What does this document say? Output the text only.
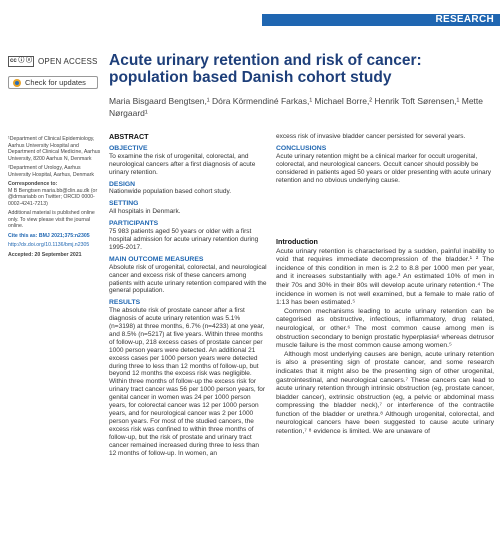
RESEARCH
cc ⓘ ⓢ OPEN ACCESS
Check for updates
Acute urinary retention and risk of cancer: population based Danish cohort study
Maria Bisgaard Bengtsen,¹ Dóra Körmendiné Farkas,¹ Michael Borre,² Henrik Toft Sørensen,¹ Mette Nørgaard¹

¹Department of Clinical Epidemiology, Aarhus University Hospital and Department of Clinical Medicine, Aarhus University, 8200 Aarhus N, Denmark

²Department of Urology, Aarhus University Hospital, Aarhus, Denmark

Correspondence to:

M B Bengtsen maria.bb@clin.au.dk (or @drmariabb on Twitter; ORCID 0000-0002-4241-7213)

Additional material is published online only. To view please visit the journal online.

Cite this as: BMJ 2021;375:n2305

http://dx.doi.org/10.1136/bmj.n2305

Accepted: 20 September 2021

ABSTRACT
OBJECTIVE

To examine the risk of urogenital, colorectal, and neurological cancers after a first diagnosis of acute urinary retention.

DESIGN

Nationwide population based cohort study.

SETTING

All hospitals in Denmark.

PARTICIPANTS

75 983 patients aged 50 years or older with a first hospital admission for acute urinary retention during 1995-2017.

MAIN OUTCOME MEASURES

Absolute risk of urogenital, colorectal, and neurological cancer and excess risk of these cancers among patients with acute urinary retention compared with the general population.

RESULTS

The absolute risk of prostate cancer after a first diagnosis of acute urinary retention was 5.1% (n=3198) at three months, 6.7% (n=4233) at one year, and 8.5% (n=5217) at five years. Within three months of follow-up, 218 excess cases of prostate cancer per 1000 person years were detected. An additional 21 excess cases per 1000 person years were detected during three to less than 12 months of follow-up, but beyond 12 months the excess risk was negligible. Within three months of follow-up the excess risk for urinary tract cancer was 56 per 1000 person years, for genital cancer in women was 24 per 1000 person years, for colorectal cancer was 12 per 1000 person years, and for neurological cancer was 2 per 1000 person years. For most of the studied cancers, the excess risk was confined to within three months of follow-up, but the risk of prostate and urinary tract cancer remained increased during three to less than 12 months of follow-up. In women, an

excess risk of invasive bladder cancer persisted for several years.

CONCLUSIONS

Acute urinary retention might be a clinical marker for occult urogenital, colorectal, and neurological cancers. Occult cancer should possibly be considered in patients aged 50 years or older presenting with acute urinary retention and no obvious underlying cause.

Introduction

Acute urinary retention is characterised by a sudden, painful inability to void that requires immediate decompression of the bladder.¹ ² The incidence of this condition in men is 2.2 to 8.8 per 1000 men per year, and it increases substantially with age.³ An estimated 10% of men in their 70s and 30% in their 80s will develop acute urinary retention.⁴ The incidence in women is not well examined, but a female to male ratio of 1:13 has been estimated.⁵

Common mechanisms leading to acute urinary retention can be categorised as obstructive, infectious, inflammatory, drug related, neurological, or other.⁶ The most common cause among men is obstruction secondary to benign prostatic hyperplasia⁶ whereas detrusor muscle failure is the most common cause among women.⁵

Although most underlying causes are benign, acute urinary retention is also a presenting sign of prostate cancer, and some research indicates that it might also be the presenting sign of other urogenital, gastrointestinal, and neurological cancers.⁷ These cancers can lead to acute urinary retention through intrinsic obstruction (eg, prostate cancer, bladder cancer), extrinsic obstruction (eg, a pelvic or abdominal mass compressing the bladder neck),⁷ or interference of the contractile function of the bladder or urethra.⁸ Although urogenital, colorectal, and neurological cancers have been suggested to cause acute urinary retention,⁷ ⁸ evidence is limited. We are unaware of
